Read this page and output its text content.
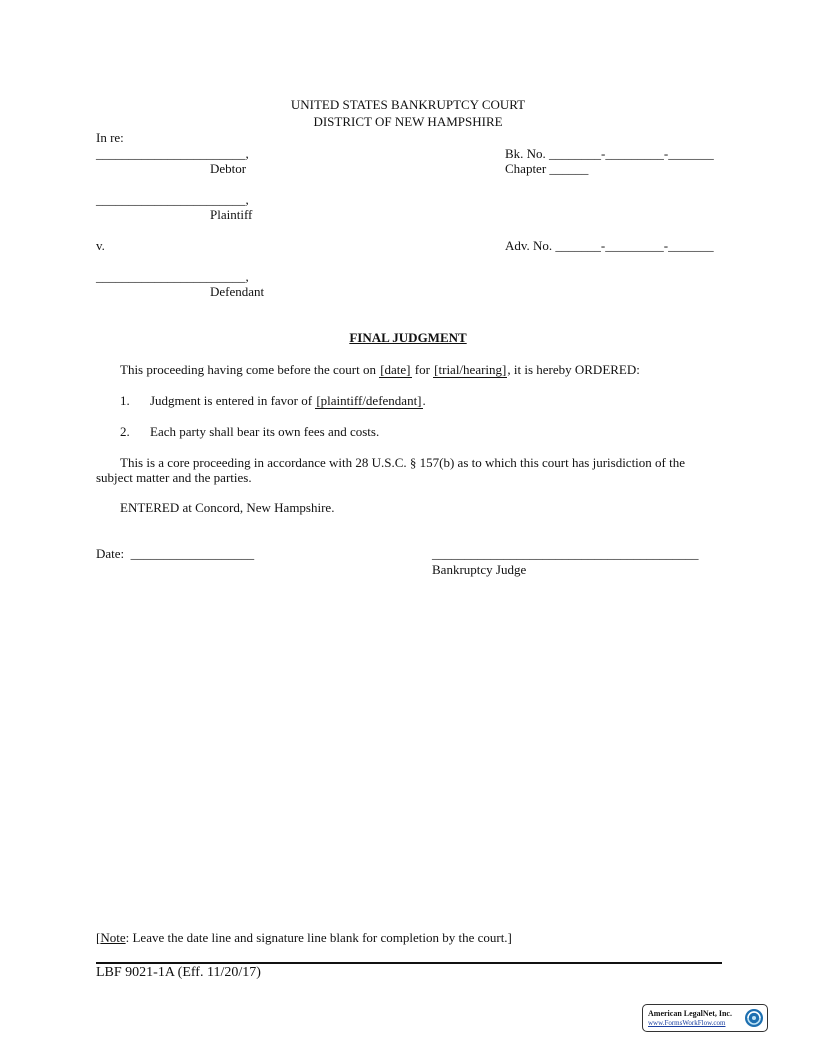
UNITED STATES BANKRUPTCY COURT
DISTRICT OF NEW HAMPSHIRE
In re:
_______________________,
Debtor
_______________________,
Plaintiff
v.
_______________________,
Defendant
Bk. No. ________-_________-_______
Chapter ______
Adv. No. _______-_________-_______
FINAL JUDGMENT
This proceeding having come before the court on [date] for [trial/hearing], it is hereby ORDERED:
1. Judgment is entered in favor of [plaintiff/defendant].
2. Each party shall bear its own fees and costs.
This is a core proceeding in accordance with 28 U.S.C. § 157(b) as to which this court has jurisdiction of the
subject matter and the parties.
ENTERED at Concord, New Hampshire.
Date:  ___________________	_________________________________________
Bankruptcy Judge
[Note: Leave the date line and signature line blank for completion by the court.]
LBF 9021-1A (Eff. 11/20/17)
American LegalNet, Inc.
www.FormsWorkFlow.com
